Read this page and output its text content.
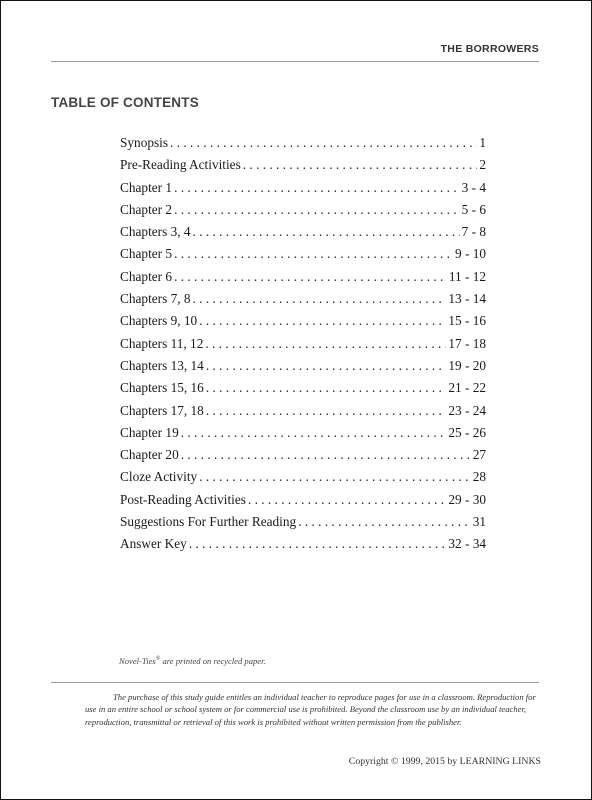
THE BORROWERS
TABLE OF CONTENTS
Synopsis . . .	1
Pre-Reading Activities . . .	2
Chapter 1 . . .	3 - 4
Chapter 2 . . .	5 - 6
Chapters 3, 4 . . .	7 - 8
Chapter 5 . . .	9 - 10
Chapter 6 . . .	11 - 12
Chapters 7, 8 . . .	13 - 14
Chapters 9, 10 . . .	15 - 16
Chapters 11, 12 . . .	17 - 18
Chapters 13, 14 . . .	19 - 20
Chapters 15, 16 . . .	21 - 22
Chapters 17, 18 . . .	23 - 24
Chapter 19 . . .	25 - 26
Chapter 20 . . .	27
Cloze Activity . . .	28
Post-Reading Activities . . .	29 - 30
Suggestions For Further Reading . . .	31
Answer Key . . .	32 - 34
Novel-Ties® are printed on recycled paper.

The purchase of this study guide entitles an individual teacher to reproduce pages for use in a classroom. Reproduction for use in an entire school or school system or for commercial use is prohibited. Beyond the classroom use by an individual teacher, reproduction, transmittal or retrieval of this work is prohibited without written permission from the publisher.

Copyright © 1999, 2015 by LEARNING LINKS
